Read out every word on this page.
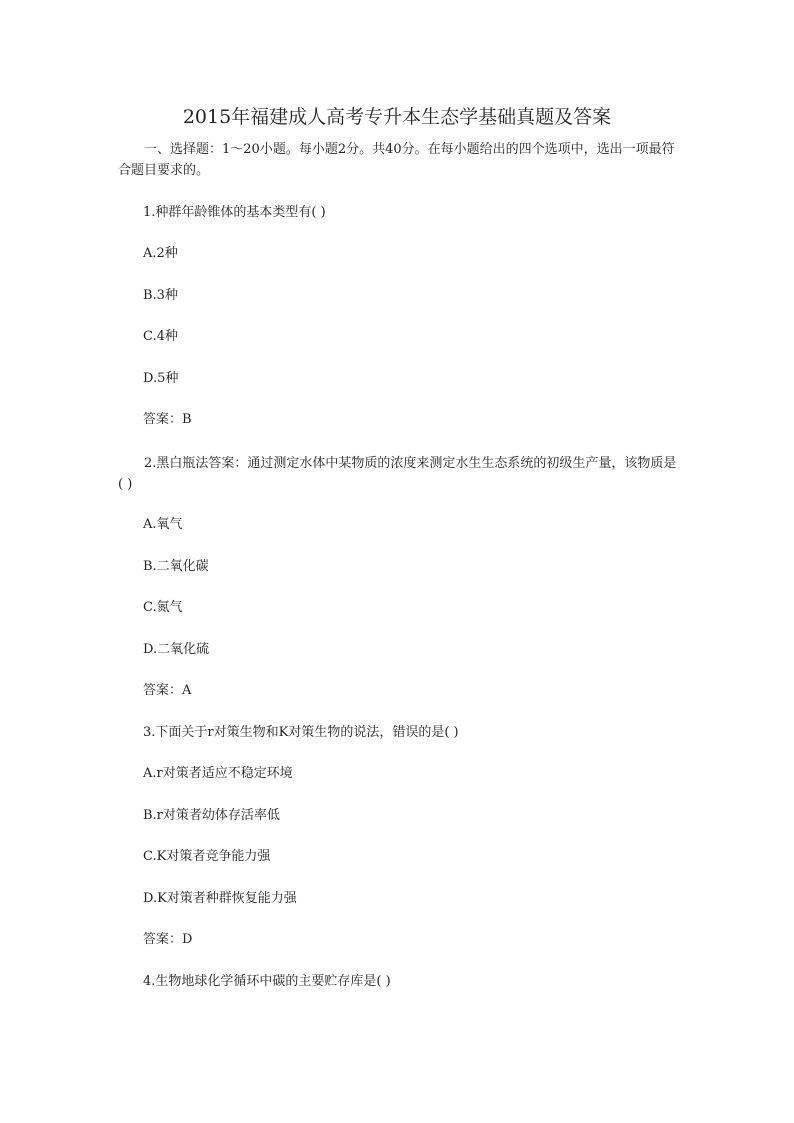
2015年福建成人高考专升本生态学基础真题及答案
一、选择题：1～20小题。每小题2分。共40分。在每小题给出的四个选项中，选出一项最符合题目要求的。
1.种群年龄锥体的基本类型有( )
A.2种
B.3种
C.4种
D.5种
答案：B
2.黑白瓶法答案：通过测定水体中某物质的浓度来测定水生生态系统的初级生产量，该物质是( )
A.氧气
B.二氧化碳
C.氮气
D.二氧化硫
答案：A
3.下面关于r对策生物和K对策生物的说法，错误的是( )
A.r对策者适应不稳定环境
B.r对策者幼体存活率低
C.K对策者竞争能力强
D.K对策者种群恢复能力强
答案：D
4.生物地球化学循环中碳的主要贮存库是( )
